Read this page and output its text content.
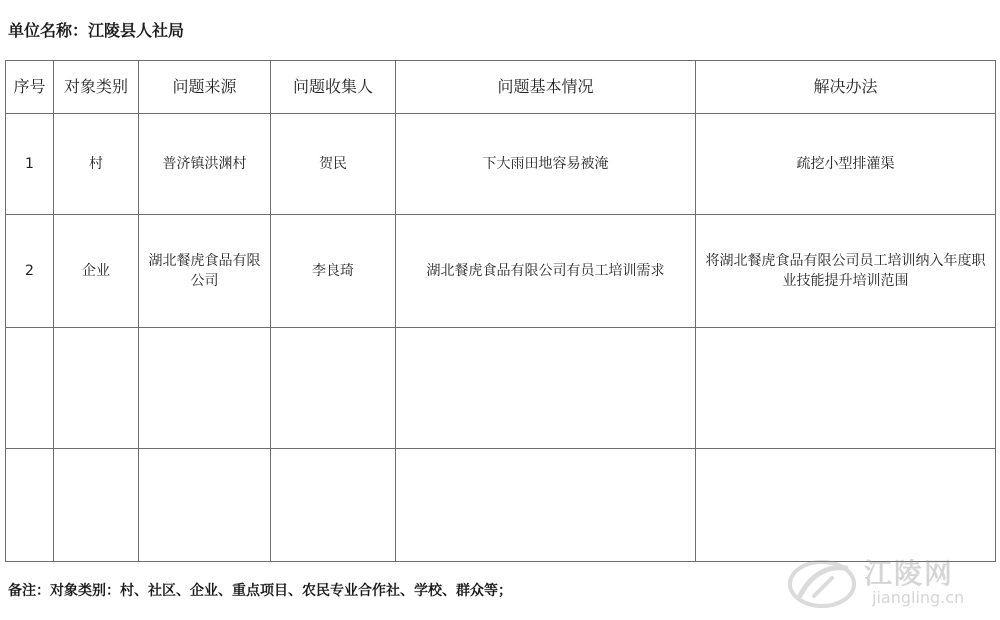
单位名称：江陵县人社局
序号	对象类别	问题来源	问题收集人	问题基本情况	解决办法
1	村	普济镇洪渊村	贺民	下大雨田地容易被淹	疏挖小型排灌渠
2	企业	湖北餐虎食品有限公司	李良琦	湖北餐虎食品有限公司有员工培训需求	将湖北餐虎食品有限公司员工培训纳入年度职业技能提升培训范围

备注：对象类别：村、社区、企业、重点项目、农民专业合作社、学校、群众等；
江陵网
jiangling.cn
